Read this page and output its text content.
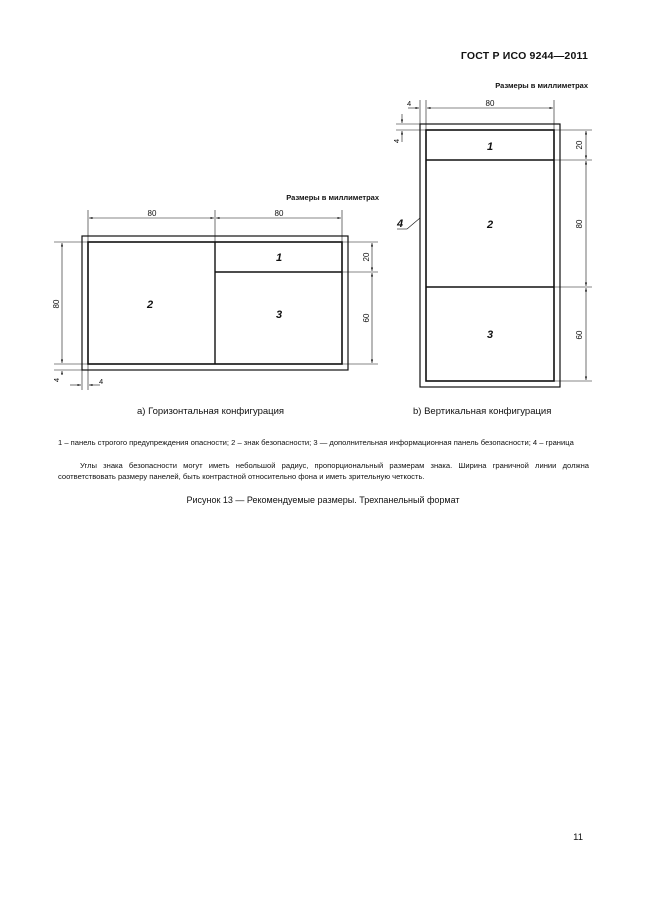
ГОСТ Р ИСО 9244—2011
Размеры в миллиметрах
80	80
80
20
60
4	4
2
1
3
Размеры в миллиметрах
80
4
4	20
80
60
4
1
2
3
a) Горизонтальная конфигурация	b) Вертикальная конфигурация
1 – панель строгого предупреждения опасности; 2 – знак безопасности; 3 — дополнительная информационная панель безопасности; 4 – граница
Углы знака безопасности могут иметь небольшой радиус, пропорциональный размерам знака. Ширина граничной линии должна соответствовать размеру панелей, быть контрастной относительно фона и иметь зрительную четкость.
Рисунок 13 — Рекомендуемые размеры. Трехпанельный формат
11
